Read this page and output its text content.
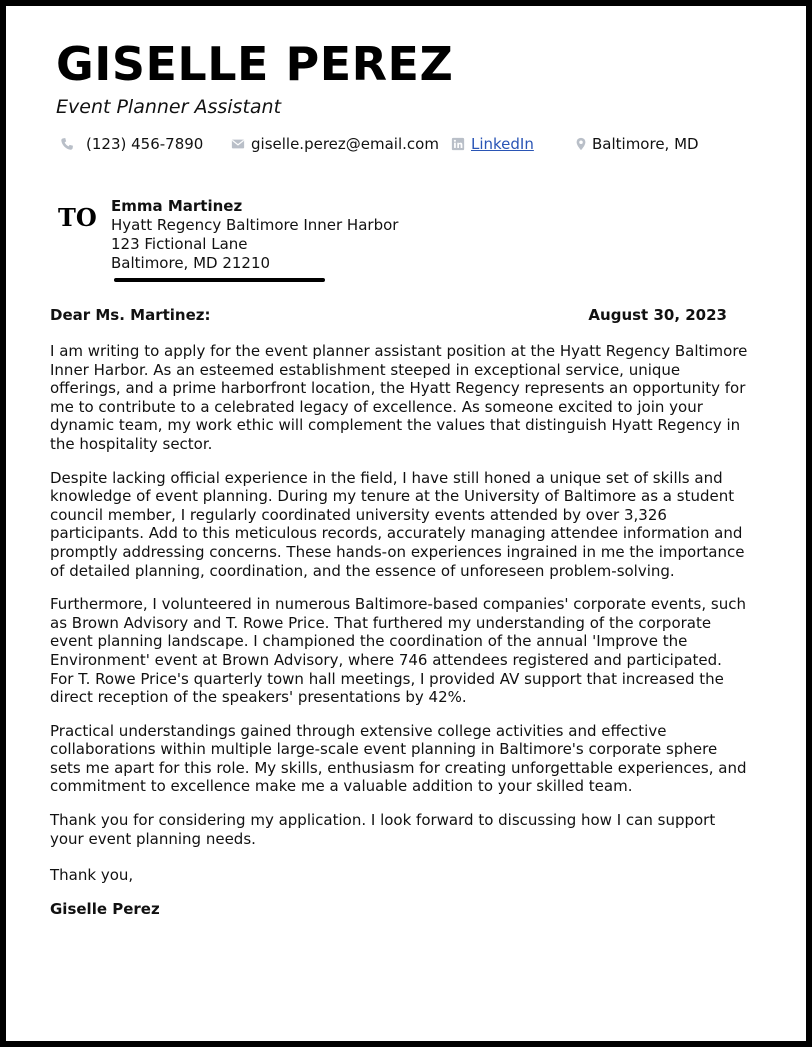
GISELLE PEREZ
Event Planner Assistant
(123) 456-7890	giselle.perez@email.com LinkedIn	Baltimore, MD
TO Emma Martinez
Hyatt Regency Baltimore Inner Harbor
123 Fictional Lane
Baltimore, MD 21210
Dear Ms. Martinez:	August 30, 2023

I am writing to apply for the event planner assistant position at the Hyatt Regency Baltimore Inner Harbor. As an esteemed establishment steeped in exceptional service, unique offerings, and a prime harborfront location, the Hyatt Regency represents an opportunity for me to contribute to a celebrated legacy of excellence. As someone excited to join your dynamic team, my work ethic will complement the values that distinguish Hyatt Regency in the hospitality sector.

Despite lacking official experience in the field, I have still honed a unique set of skills and knowledge of event planning. During my tenure at the University of Baltimore as a student council member, I regularly coordinated university events attended by over 3,326 participants. Add to this meticulous records, accurately managing attendee information and promptly addressing concerns. These hands-on experiences ingrained in me the importance of detailed planning, coordination, and the essence of unforeseen problem-solving.

Furthermore, I volunteered in numerous Baltimore-based companies' corporate events, such as Brown Advisory and T. Rowe Price. That furthered my understanding of the corporate event planning landscape. I championed the coordination of the annual 'Improve the Environment' event at Brown Advisory, where 746 attendees registered and participated. For T. Rowe Price's quarterly town hall meetings, I provided AV support that increased the direct reception of the speakers' presentations by 42%.

Practical understandings gained through extensive college activities and effective collaborations within multiple large-scale event planning in Baltimore's corporate sphere sets me apart for this role. My skills, enthusiasm for creating unforgettable experiences, and commitment to excellence make me a valuable addition to your skilled team.

Thank you for considering my application. I look forward to discussing how I can support your event planning needs.

Thank you,
Giselle Perez
